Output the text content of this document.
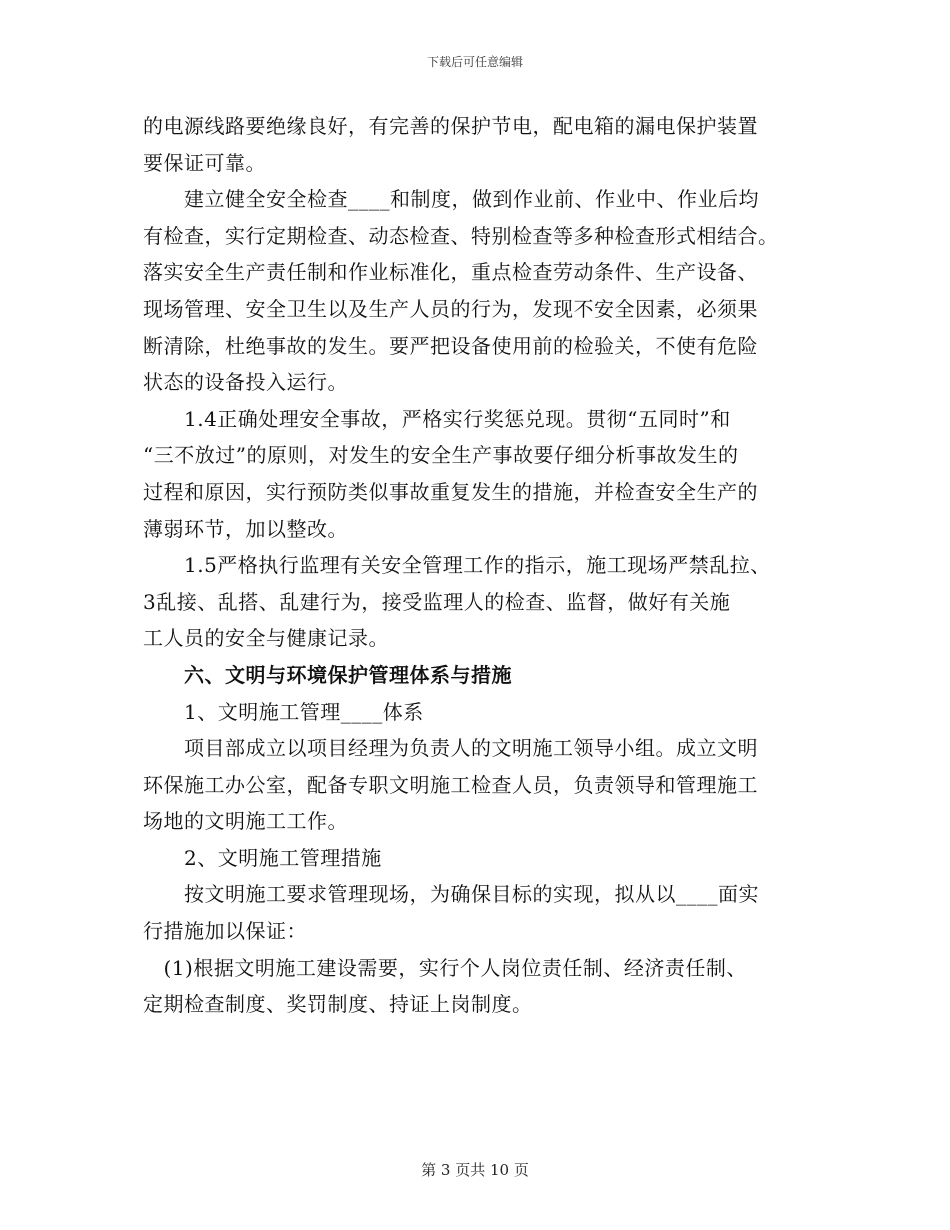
下载后可任意编辑

的电源线路要绝缘良好，有完善的保护节电，配电箱的漏电保护装置

要保证可靠。

　　建立健全安全检查____和制度，做到作业前、作业中、作业后均

有检查，实行定期检查、动态检查、特别检查等多种检查形式相结合。

落实安全生产责任制和作业标准化，重点检查劳动条件、生产设备、

现场管理、安全卫生以及生产人员的行为，发现不安全因素，必须果

断清除，杜绝事故的发生。要严把设备使用前的检验关，不使有危险

状态的设备投入运行。

　　1.4正确处理安全事故，严格实行奖惩兑现。贯彻“五同时”和

“三不放过”的原则，对发生的安全生产事故要仔细分析事故发生的

过程和原因，实行预防类似事故重复发生的措施，并检查安全生产的

薄弱环节，加以整改。

　　1.5严格执行监理有关安全管理工作的指示，施工现场严禁乱拉、

3乱接、乱搭、乱建行为，接受监理人的检查、监督，做好有关施

工人员的安全与健康记录。

　　六、文明与环境保护管理体系与措施

　　1、文明施工管理____体系

　　项目部成立以项目经理为负责人的文明施工领导小组。成立文明

环保施工办公室，配备专职文明施工检查人员，负责领导和管理施工

场地的文明施工工作。

　　2、文明施工管理措施

　　按文明施工要求管理现场，为确保目标的实现，拟从以____面实

行措施加以保证：

　(1)根据文明施工建设需要，实行个人岗位责任制、经济责任制、

定期检查制度、奖罚制度、持证上岗制度。

第 3 页共 10 页
